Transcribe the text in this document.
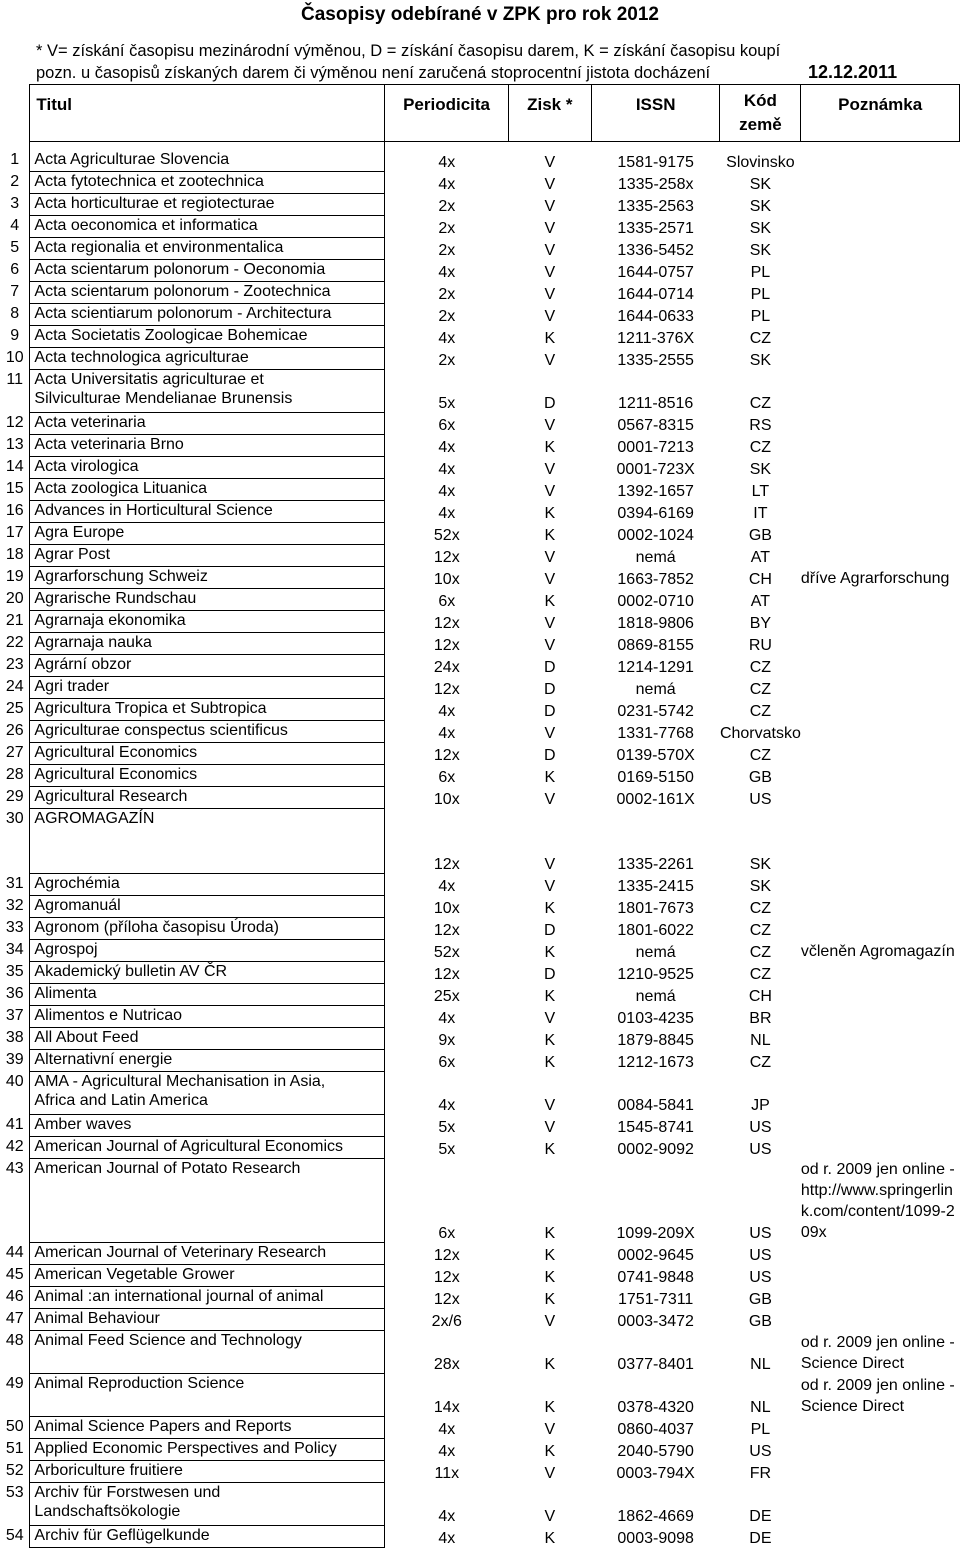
Časopisy odebírané v ZPK pro rok 2012
* V= získání časopisu mezinárodní výměnou, D = získání časopisu darem, K = získání časopisu koupí
pozn. u časopisů získaných darem či výměnou není zaručená stoprocentní jistota docházení	12.12.2011
	Titul	Periodicita	Zisk *	ISSN	Kód
země	Poznámka

1	Acta Agriculturae Slovencia	4x	V	1581-9175	Slovinsko	
2	Acta fytotechnica et zootechnica	4x	V	1335-258x	SK	
3	Acta horticulturae et regiotecturae	2x	V	1335-2563	SK	
4	Acta oeconomica et informatica	2x	V	1335-2571	SK	
5	Acta regionalia et environmentalica	2x	V	1336-5452	SK	
6	Acta scientarum polonorum - Oeconomia	4x	V	1644-0757	PL	
7	Acta scientarum polonorum - Zootechnica	2x	V	1644-0714	PL	
8	Acta scientiarum polonorum - Architectura	2x	V	1644-0633	PL	
9	Acta Societatis Zoologicae Bohemicae	4x	K	1211-376X	CZ	
10	Acta technologica agriculturae	2x	V	1335-2555	SK	
11	Acta Universitatis agriculturae et
Silviculturae Mendelianae Brunensis	5x	D	1211-8516	CZ	
12	Acta veterinaria	6x	V	0567-8315	RS	
13	Acta veterinaria Brno	4x	K	0001-7213	CZ	
14	Acta virologica	4x	V	0001-723X	SK	
15	Acta zoologica Lituanica	4x	V	1392-1657	LT	
16	Advances in Horticultural Science	4x	K	0394-6169	IT	
17	Agra Europe	52x	K	0002-1024	GB	
18	Agrar Post	12x	V	nemá	AT	
19	Agrarforschung Schweiz	10x	V	1663-7852	CH	dříve Agrarforschung
20	Agrarische Rundschau	6x	K	0002-0710	AT	
21	Agrarnaja ekonomika	12x	V	1818-9806	BY	
22	Agrarnaja nauka	12x	V	0869-8155	RU	
23	Agrární obzor	24x	D	1214-1291	CZ	
24	Agri trader	12x	D	nemá	CZ	
25	Agricultura Tropica et Subtropica	4x	D	0231-5742	CZ	
26	Agriculturae conspectus scientificus	4x	V	1331-7768	Chorvatsko	
27	Agricultural Economics	12x	D	0139-570X	CZ	
28	Agricultural Economics	6x	K	0169-5150	GB	
29	Agricultural Research	10x	V	0002-161X	US	
30	AGROMAGAZÍN	12x	V	1335-2261	SK	
31	Agrochémia	4x	V	1335-2415	SK	
32	Agromanuál	10x	K	1801-7673	CZ	
33	Agronom (příloha časopisu Úroda)	12x	D	1801-6022	CZ	
34	Agrospoj	52x	K	nemá	CZ	včleněn Agromagazín
35	Akademický bulletin AV ČR	12x	D	1210-9525	CZ	
36	Alimenta	25x	K	nemá	CH	
37	Alimentos e Nutricao	4x	V	0103-4235	BR	
38	All About Feed	9x	K	1879-8845	NL	
39	Alternativní energie	6x	K	1212-1673	CZ	
40	AMA - Agricultural Mechanisation in Asia,
Africa and Latin America	4x	V	0084-5841	JP	
41	Amber waves	5x	V	1545-8741	US	
42	American Journal of Agricultural Economics	5x	K	0002-9092	US	
43	American Journal of Potato Research	6x	K	1099-209X	US	od r. 2009 jen online - http://www.springerlink.com/content/1099-209x
44	American Journal of Veterinary Research	12x	K	0002-9645	US	
45	American Vegetable Grower	12x	K	0741-9848	US	
46	Animal :an international journal of animal	12x	K	1751-7311	GB	
47	Animal Behaviour	2x/6	V	0003-3472	GB	
48	Animal Feed Science and Technology	28x	K	0377-8401	NL	od r. 2009 jen online - Science Direct
49	Animal Reproduction Science	14x	K	0378-4320	NL	od r. 2009 jen online - Science Direct
50	Animal Science Papers and Reports	4x	V	0860-4037	PL	
51	Applied Economic Perspectives and Policy	4x	K	2040-5790	US	
52	Arboriculture fruitiere	11x	V	0003-794X	FR	
53	Archiv für Forstwesen und
Landschaftsökologie	4x	V	1862-4669	DE	
54	Archiv für Geflügelkunde	4x	K	0003-9098	DE	
